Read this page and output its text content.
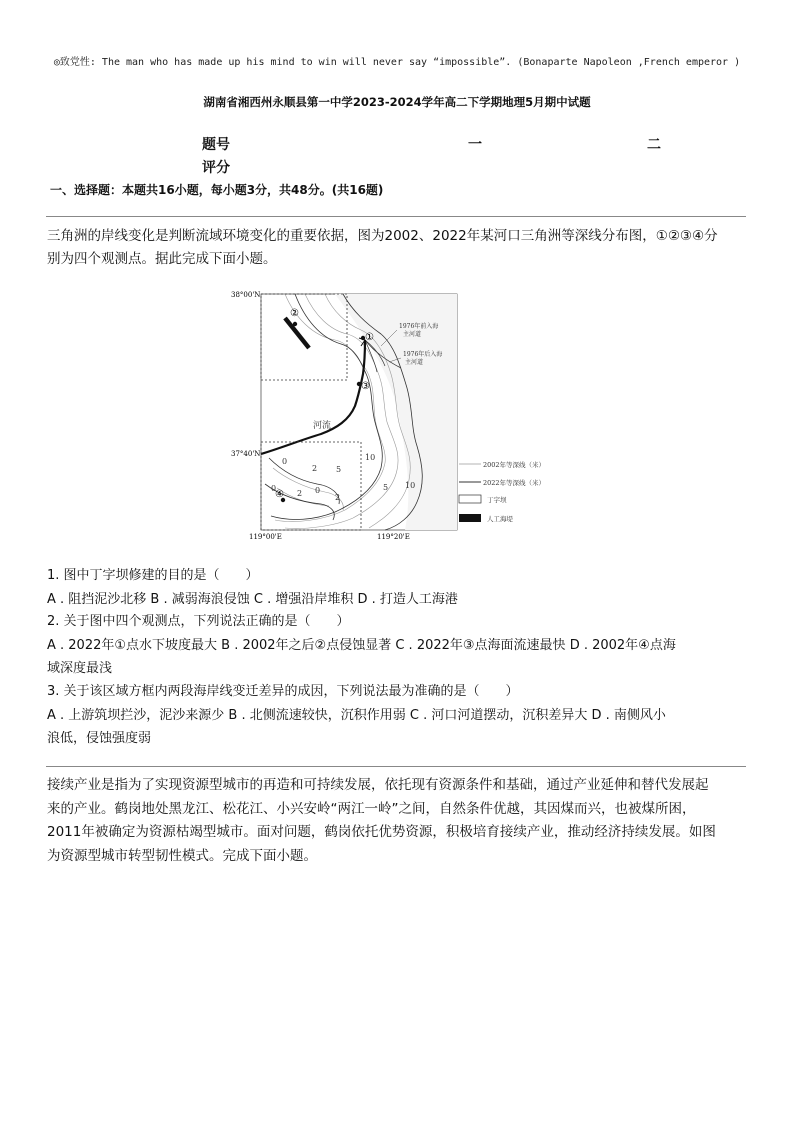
◎致党性: The man who has made up his mind to win will never say “impossible”. (Bonaparte Napoleon ,French emperor )
湖南省湘西州永顺县第一中学2023-2024学年高二下学期地理5月期中试题
题号
评分
一	二
一、选择题：本题共16小题，每小题3分，共48分。(共16题)
三角洲的岸线变化是判断流域环境变化的重要依据，图为2002、2022年某河口三角洲等深线分布图，①②③④分
别为四个观测点。据此完成下面小题。
38°00'N
37°40'N
119°00'E	119°20'E
②
①
③
④
1976年前入海
主河道
1976年后入海
主河道
河流
0
2 5
10
5 10
0
2 0
2
2002年等深线（米）
2022年等深线（米）
丁字坝
人工海堤
1. 图中丁字坝修建的目的是（　　）
A . 阻挡泥沙北移 B . 减弱海浪侵蚀 C . 增强沿岸堆积 D . 打造人工海港
2. 关于图中四个观测点，下列说法正确的是（　　）
A . 2022年①点水下坡度最大 B . 2002年之后②点侵蚀显著 C . 2022年③点海面流速最快 D . 2002年④点海
域深度最浅
3. 关于该区域方框内两段海岸线变迁差异的成因，下列说法最为准确的是（　　）
A . 上游筑坝拦沙，泥沙来源少 B . 北侧流速较快，沉积作用弱 C . 河口河道摆动，沉积差异大 D . 南侧风小
浪低，侵蚀强度弱
接续产业是指为了实现资源型城市的再造和可持续发展，依托现有资源条件和基础，通过产业延伸和替代发展起
来的产业。鹤岗地处黑龙江、松花江、小兴安岭“两江一岭”之间，自然条件优越，其因煤而兴，也被煤所困，
2011年被确定为资源枯竭型城市。面对问题，鹤岗依托优势资源，积极培育接续产业，推动经济持续发展。如图
为资源型城市转型韧性模式。完成下面小题。
